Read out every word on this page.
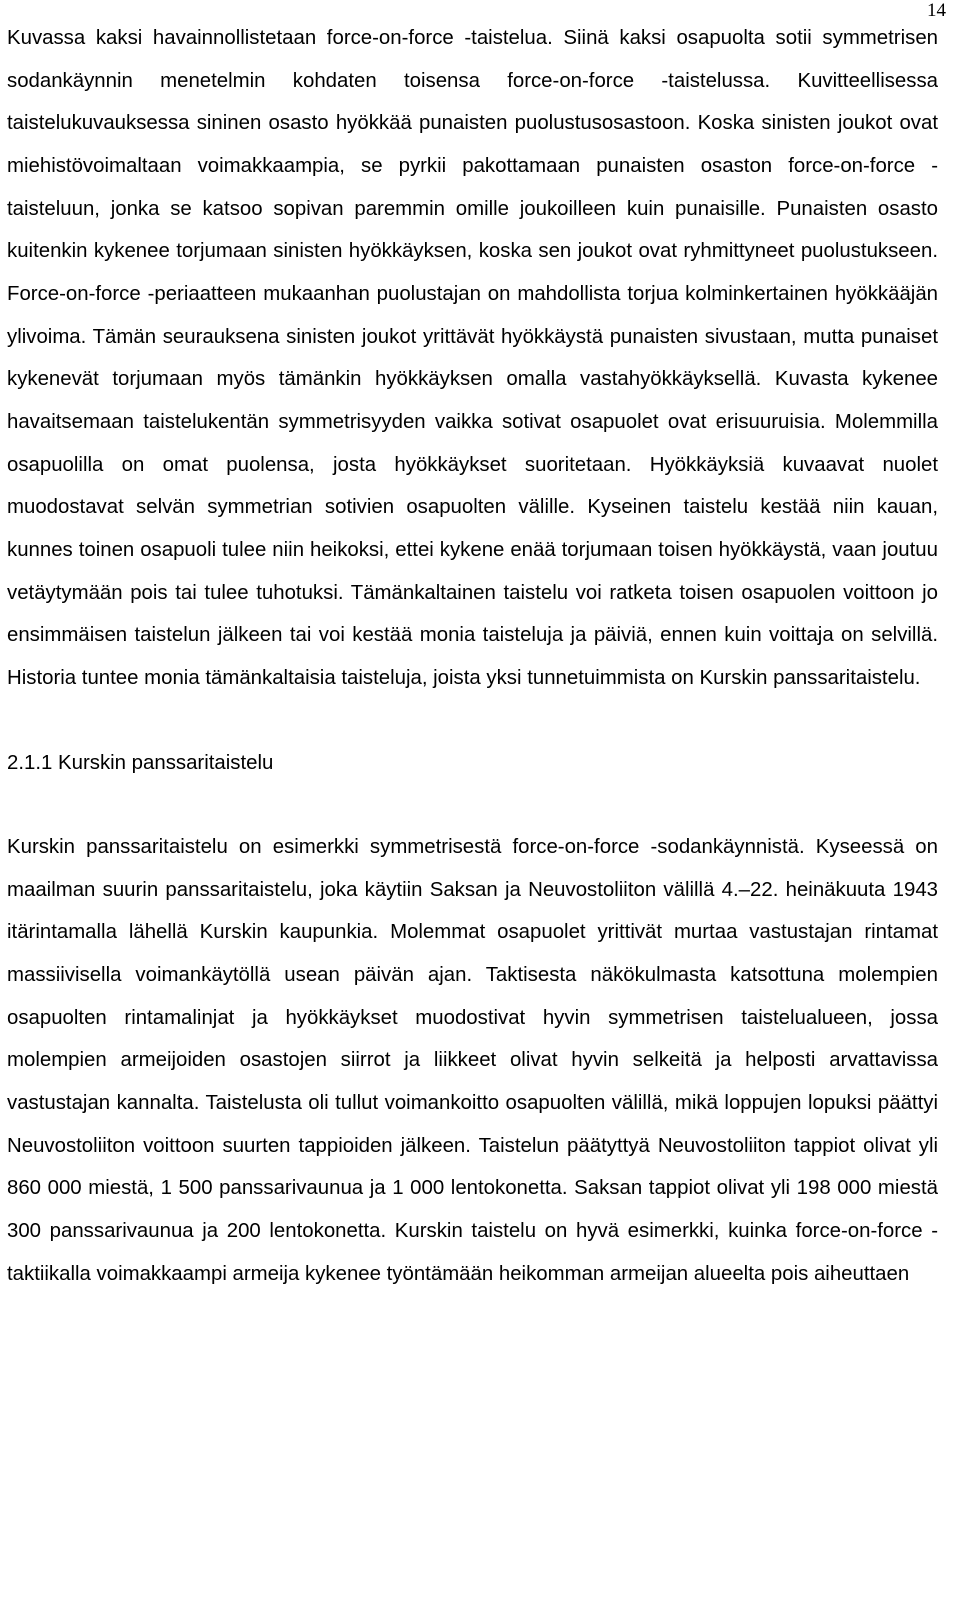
14

Kuvassa kaksi havainnollistetaan force-on-force -taistelua. Siinä kaksi osapuolta sotii symmetrisen sodankäynnin menetelmin kohdaten toisensa force-on-force -taistelussa. Kuvitteellisessa taistelukuvauksessa sininen osasto hyökkää punaisten puolustusosastoon. Koska sinisten joukot ovat miehistövoimaltaan voimakkaampia, se pyrkii pakottamaan punaisten osaston force-on-force -taisteluun, jonka se katsoo sopivan paremmin omille joukoilleen kuin punaisille. Punaisten osasto kuitenkin kykenee torjumaan sinisten hyökkäyksen, koska sen joukot ovat ryhmittyneet puolustukseen. Force-on-force -periaatteen mukaanhan puolustajan on mahdollista torjua kolminkertainen hyökkääjän ylivoima. Tämän seurauksena sinisten joukot yrittävät hyökkäystä punaisten sivustaan, mutta punaiset kykenevät torjumaan myös tämänkin hyökkäyksen omalla vastahyökkäyksellä. Kuvasta kykenee havaitsemaan taistelukentän symmetrisyyden vaikka sotivat osapuolet ovat erisuuruisia. Molemmilla osapuolilla on omat puolensa, josta hyökkäykset suoritetaan. Hyökkäyksiä kuvaavat nuolet muodostavat selvän symmetrian sotivien osapuolten välille. Kyseinen taistelu kestää niin kauan, kunnes toinen osapuoli tulee niin heikoksi, ettei kykene enää torjumaan toisen hyökkäystä, vaan joutuu vetäytymään pois tai tulee tuhotuksi. Tämänkaltainen taistelu voi ratketa toisen osapuolen voittoon jo ensimmäisen taistelun jälkeen tai voi kestää monia taisteluja ja päiviä, ennen kuin voittaja on selvillä. Historia tuntee monia tämänkaltaisia taisteluja, joista yksi tunnetuimmista on Kurskin panssaritaistelu.

2.1.1 Kurskin panssaritaistelu

Kurskin panssaritaistelu on esimerkki symmetrisestä force-on-force -sodankäynnistä. Kyseessä on maailman suurin panssaritaistelu, joka käytiin Saksan ja Neuvostoliiton välillä 4.–22. heinäkuuta 1943 itärintamalla lähellä Kurskin kaupunkia. Molemmat osapuolet yrittivät murtaa vastustajan rintamat massiivisella voimankäytöllä usean päivän ajan. Taktisesta näkökulmasta katsottuna molempien osapuolten rintamalinjat ja hyökkäykset muodostivat hyvin symmetrisen taistelualueen, jossa molempien armeijoiden osastojen siirrot ja liikkeet olivat hyvin selkeitä ja helposti arvattavissa vastustajan kannalta. Taistelusta oli tullut voimankoitto osapuolten välillä, mikä loppujen lopuksi päättyi Neuvostoliiton voittoon suurten tappioiden jälkeen. Taistelun päätyttyä Neuvostoliiton tappiot olivat yli 860 000 miestä, 1 500 panssarivaunua ja 1 000 lentokonetta. Saksan tappiot olivat yli 198 000 miestä 300 panssarivaunua ja 200 lentokonetta. Kurskin taistelu on hyvä esimerkki, kuinka force-on-force -taktiikalla voimakkaampi armeija kykenee työntämään heikomman armeijan alueelta pois aiheuttaen
